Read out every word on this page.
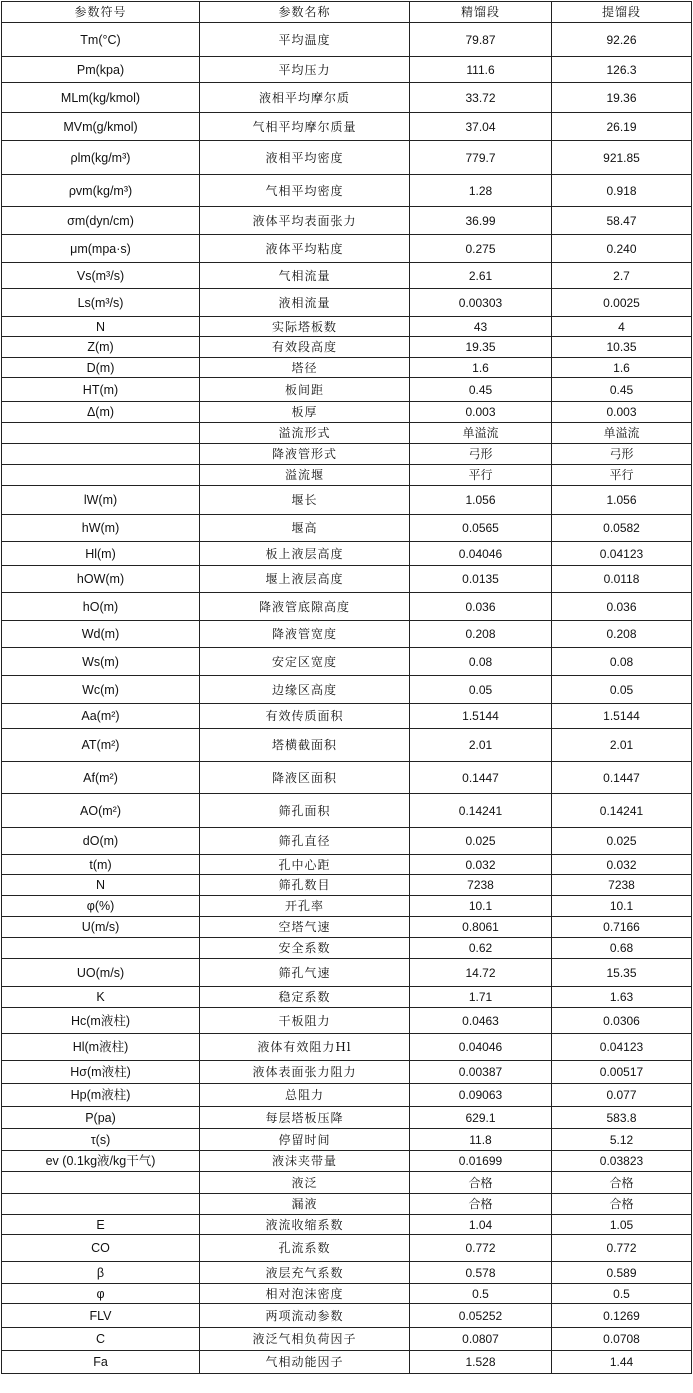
参数符号	参数名称	精馏段	提馏段
Tm(°C)	平均温度	79.87	92.26
Pm(kpa)	平均压力	111.6	126.3
MLm(kg/kmol)	液相平均摩尔质	33.72	19.36
MVm(g/kmol)	气相平均摩尔质量	37.04	26.19
ρlm(kg/m³)	液相平均密度	779.7	921.85
ρvm(kg/m³)	气相平均密度	1.28	0.918
σm(dyn/cm)	液体平均表面张力	36.99	58.47
μm(mpa·s)	液体平均粘度	0.275	0.240
Vs(m³/s)	气相流量	2.61	2.7
Ls(m³/s)	液相流量	0.00303	0.0025
N	实际塔板数	43	4
Z(m)	有效段高度	19.35	10.35
D(m)	塔径	1.6	1.6
HT(m)	板间距	0.45	0.45
Δ(m)	板厚	0.003	0.003
	溢流形式	单溢流	单溢流
	降液管形式	弓形	弓形
	溢流堰	平行	平行
lW(m)	堰长	1.056	1.056
hW(m)	堰高	0.0565	0.0582
Hl(m)	板上液层高度	0.04046	0.04123
hOW(m)	堰上液层高度	0.0135	0.0118
hO(m)	降液管底隙高度	0.036	0.036
Wd(m)	降液管宽度	0.208	0.208
Ws(m)	安定区宽度	0.08	0.08
Wc(m)	边缘区高度	0.05	0.05
Aa(m²)	有效传质面积	1.5144	1.5144
AT(m²)	塔横截面积	2.01	2.01
Af(m²)	降液区面积	0.1447	0.1447
AO(m²)	筛孔面积	0.14241	0.14241
dO(m)	筛孔直径	0.025	0.025
t(m)	孔中心距	0.032	0.032
N	筛孔数目	7238	7238
φ(%)	开孔率	10.1	10.1
U(m/s)	空塔气速	0.8061	0.7166
	安全系数	0.62	0.68
UO(m/s)	筛孔气速	14.72	15.35
K	稳定系数	1.71	1.63
Hc(m液柱)	干板阻力	0.0463	0.0306
Hl(m液柱)	液体有效阻力Hl	0.04046	0.04123
Hσ(m液柱)	液体表面张力阻力	0.00387	0.00517
Hp(m液柱)	总阻力	0.09063	0.077
P(pa)	每层塔板压降	629.1	583.8
τ(s)	停留时间	11.8	5.12
ev (0.1kg液/kg干气)	液沫夹带量	0.01699	0.03823
	液泛	合格	合格
	漏液	合格	合格
E	液流收缩系数	1.04	1.05
CO	孔流系数	0.772	0.772
β	液层充气系数	0.578	0.589
φ	相对泡沫密度	0.5	0.5
FLV	两项流动参数	0.05252	0.1269
C	液泛气相负荷因子	0.0807	0.0708
Fa	气相动能因子	1.528	1.44
